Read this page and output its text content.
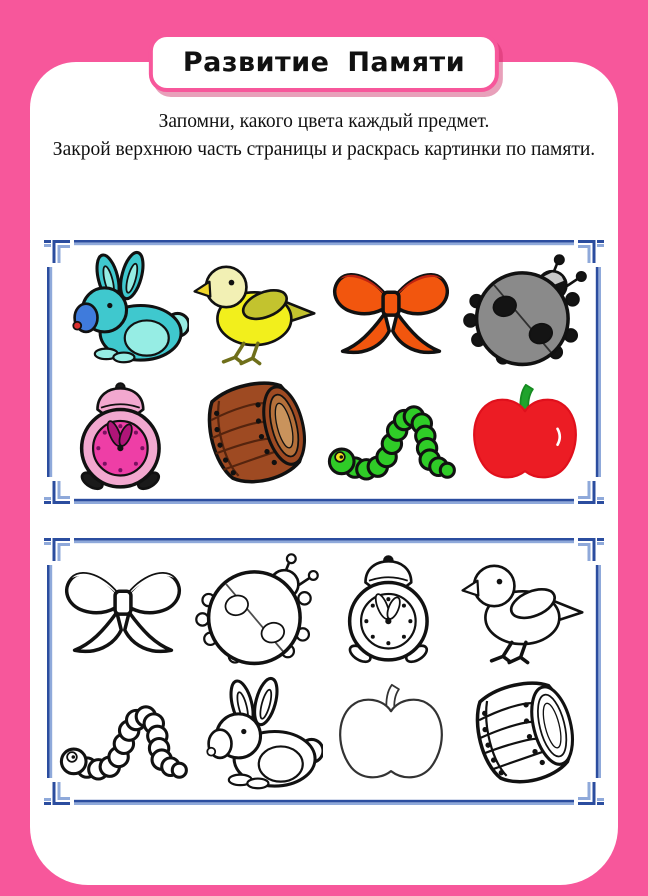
Развитие Памяти
Запомни, какого цвета каждый предмет.
Закрой верхнюю часть страницы и раскрась картинки по памяти.
